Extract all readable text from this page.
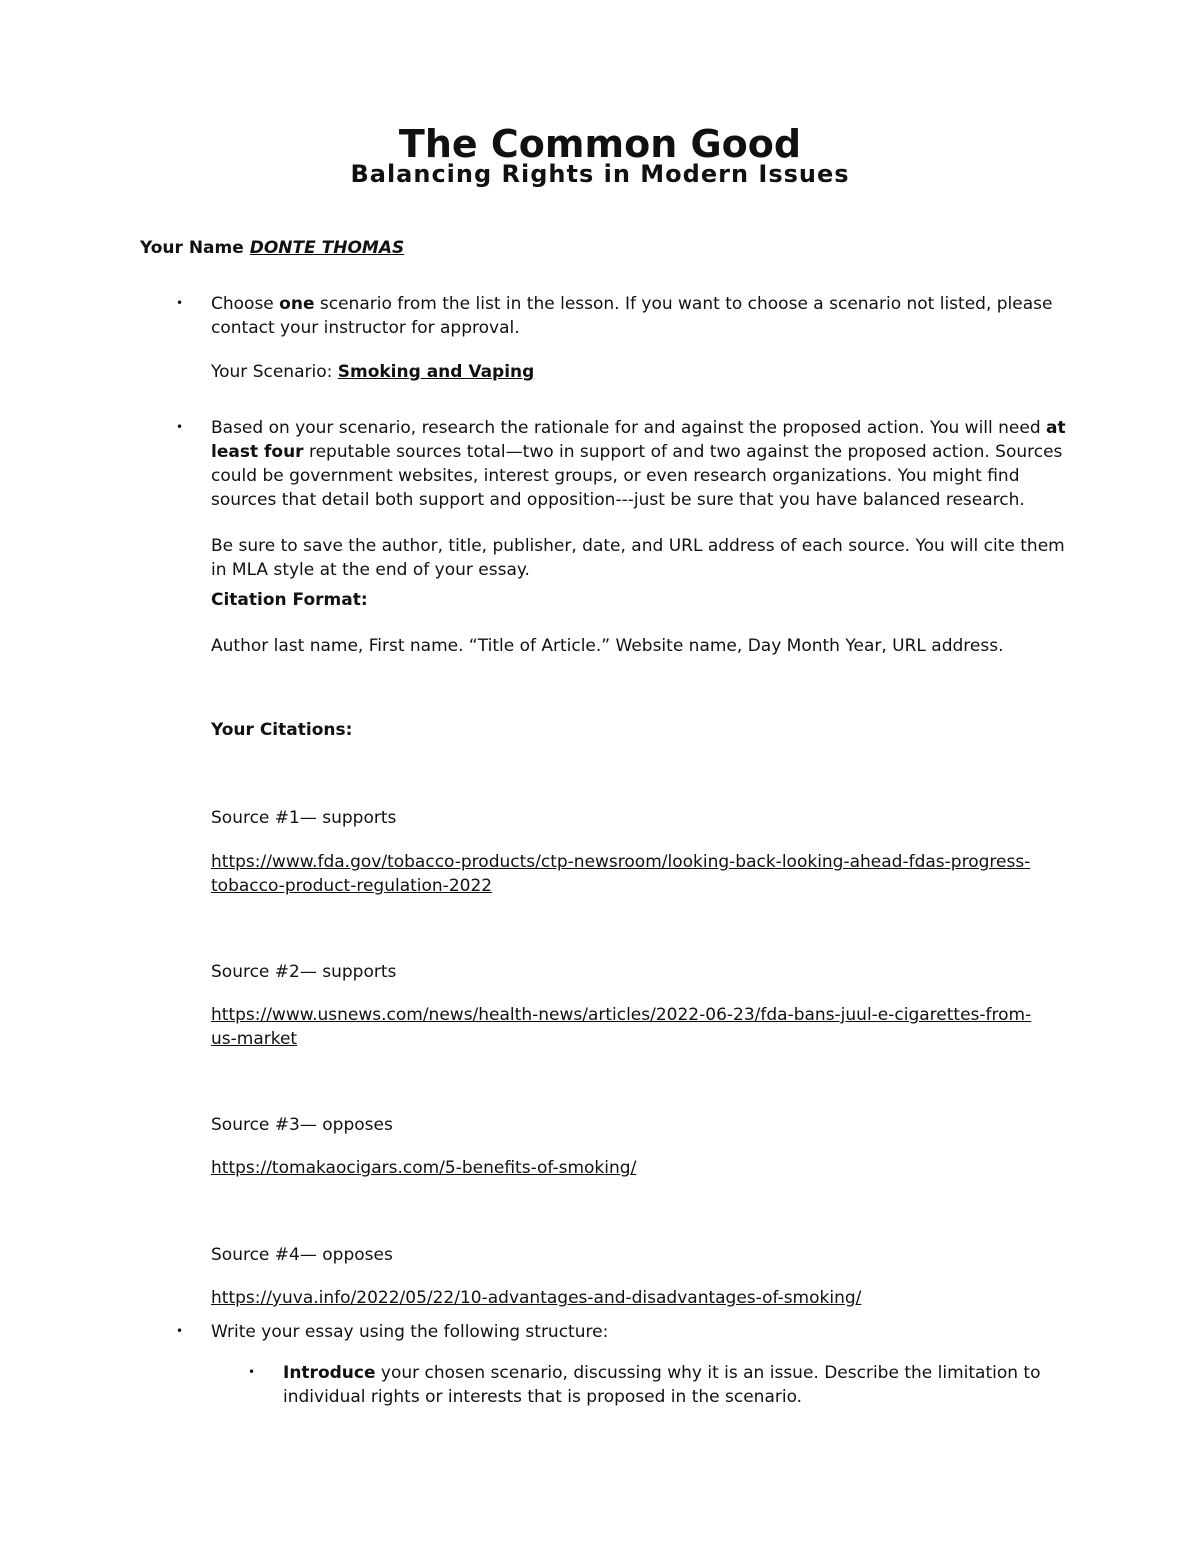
The Common Good
Balancing Rights in Modern Issues
Your Name DONTE THOMAS
• Choose one scenario from the list in the lesson. If you want to choose a scenario not listed, please contact your instructor for approval.
Your Scenario: Smoking and Vaping
• Based on your scenario, research the rationale for and against the proposed action. You will need at least four reputable sources total—two in support of and two against the proposed action. Sources could be government websites, interest groups, or even research organizations. You might find sources that detail both support and opposition---just be sure that you have balanced research.
Be sure to save the author, title, publisher, date, and URL address of each source. You will cite them in MLA style at the end of your essay.
Citation Format:
Author last name, First name. “Title of Article.” Website name, Day Month Year, URL address.
Your Citations:
Source #1— supports
https://www.fda.gov/tobacco-products/ctp-newsroom/looking-back-looking-ahead-fdas-progress-
tobacco-product-regulation-2022
Source #2— supports
https://www.usnews.com/news/health-news/articles/2022-06-23/fda-bans-juul-e-cigarettes-from-
us-market
Source #3— opposes
https://tomakaocigars.com/5-benefits-of-smoking/
Source #4— opposes
https://yuva.info/2022/05/22/10-advantages-and-disadvantages-of-smoking/
• Write your essay using the following structure:
• Introduce your chosen scenario, discussing why it is an issue. Describe the limitation to individual rights or interests that is proposed in the scenario.
